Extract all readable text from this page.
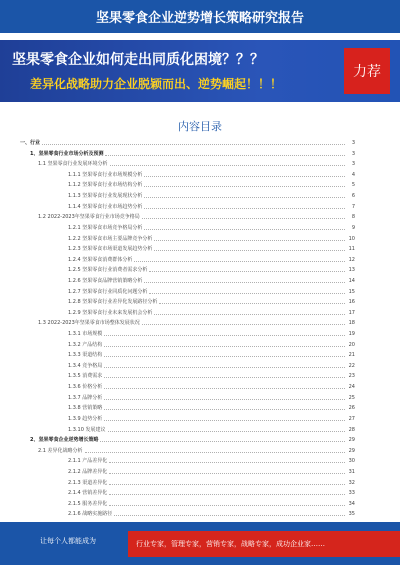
坚果零食企业逆势增长策略研究报告
坚果零食企业如何走出同质化困境？？？
差异化战略助力企业脱颖而出、逆势崛起！！！
力荐
内容目录
一、行业	3
1、坚果零食行业市场分析及预测	3
1.1 坚果零食行业发展环境分析	3
1.1.1 坚果零食行业市场规模分析	4
1.1.2 坚果零食行业市场结构分析	5
1.1.3 坚果零食行业发展现状分析	6
1.1.4 坚果零食行业市场趋势分析	7
1.2 2022-2023年坚果零食行业市场竞争格局	8
1.2.1 坚果零食市场竞争格局分析	9
1.2.2 坚果零食市场主要品牌竞争分析	10
1.2.3 坚果零食市场渠道发展趋势分析	11
1.2.4 坚果零食消费群体分析	12
1.2.5 坚果零食行业消费者需求分析	13
1.2.6 坚果零食品牌营销策略分析	14
1.2.7 坚果零食行业同质化问题分析	15
1.2.8 坚果零食行业差异化发展路径分析	16
1.2.9 坚果零食行业未来发展机会分析	17
1.3 2022-2023年坚果零食市场整体发展状况	18
1.3.1 市场规模	19
1.3.2 产品结构	20
1.3.3 渠道结构	21
1.3.4 竞争格局	22
1.3.5 消费需求	23
1.3.6 价格分析	24
1.3.7 品牌分析	25
1.3.8 营销策略	26
1.3.9 趋势分析	27
1.3.10 发展建议	28
2、坚果零食企业逆势增长策略	29
2.1 差异化战略分析	29
2.1.1 产品差异化	30
2.1.2 品牌差异化	31
2.1.3 渠道差异化	32
2.1.4 营销差异化	33
2.1.5 服务差异化	34
2.1.6 战略实施路径	35
让每个人都能成为	行业专家，管理专家，营销专家，战略专家，成功企业家……
